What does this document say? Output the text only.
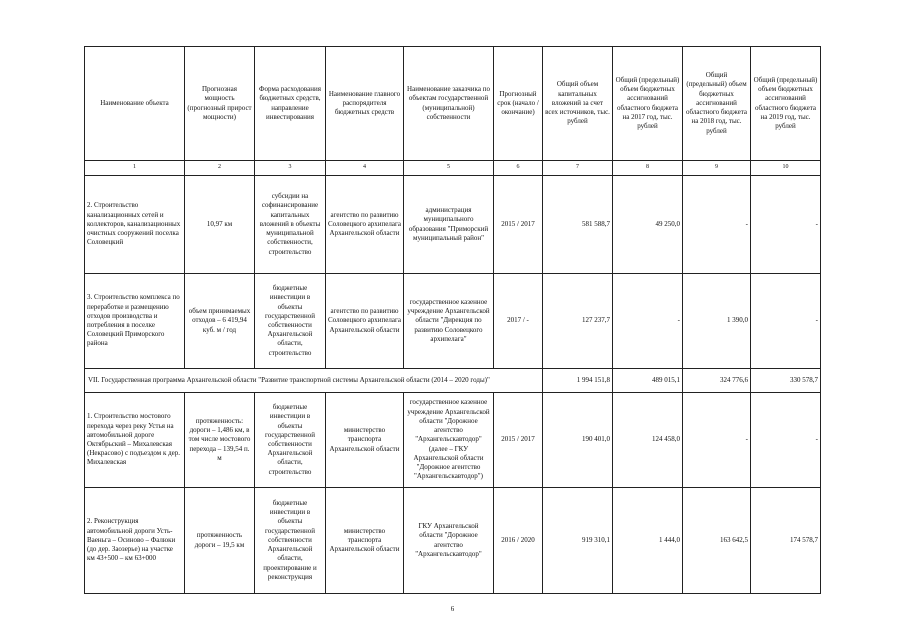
Наименование объекта	Прогнозная мощность (прогнозный прирост мощности)	Форма расходования бюджетных средств, направление инвестирования	Наименование главного распорядителя бюджетных средств	Наименование заказчика по объектам государственной (муниципальной) собственности	Прогнозный срок (начало / окончание)	Общий объем капитальных вложений за счет всех источников, тыс. рублей	Общий (предельный) объем бюджетных ассигнований областного бюджета на 2017 год, тыс. рублей	Общий (предельный) объем бюджетных ассигнований областного бюджета на 2018 год, тыс. рублей	Общий (предельный) объем бюджетных ассигнований областного бюджета на 2019 год, тыс. рублей
1	2	3	4	5	6	7	8	9	10
2. Строительство канализационных сетей и коллекторов, канализационных очистных сооружений поселка Соловецкий	10,97 км	субсидии на софинансирование капитальных вложений в объекты муниципальной собственности, строительство	агентство по развитию Соловецкого архипелага Архангельской области	администрация муниципального образования "Приморский муниципальный район"	2015 / 2017	581 588,7	49 250,0	-	-
3. Строительство комплекса по переработке и размещению отходов производства и потребления в поселке Соловецкий Приморского района	объем принимаемых отходов – 6 419,94 куб. м / год	бюджетные инвестиции в объекты государственной собственности Архангельской области, строительство	агентство по развитию Соловецкого архипелага Архангельской области	государственное казенное учреждение Архангельской области "Дирекция по развитию Соловецкого архипелага"	2017 / -	127 237,7	-	1 390,0	-
VII. Государственная программа Архангельской области "Развитие транспортной системы Архангельской области (2014 – 2020 годы)"						1 994 151,8	489 015,1	324 776,6	330 578,7
1. Строительство мостового перехода через реку Устья на автомобильной дороге Октябрьский – Михалевская (Некрасово) с подъездом к дер. Михалевская	протяженность: дороги – 1,486 км, в том числе мостового перехода – 139,54 п. м	бюджетные инвестиции в объекты государственной собственности Архангельской области, строительство	министерство транспорта Архангельской области	государственное казенное учреждение Архангельской области "Дорожное агентство "Архангельскавтодор" (далее – ГКУ Архангельской области "Дорожное агентство "Архангельскавтодор")	2015 / 2017	190 401,0	124 458,0	-	-
2. Реконструкция автомобильной дороги Усть-Ваеньга – Осиново – Фалюки (до дер. Заозерье) на участке км 43+500 – км 63+000	протяженность дороги – 19,5 км	бюджетные инвестиции в объекты государственной собственности Архангельской области, проектирование и реконструкция	министерство транспорта Архангельской области	ГКУ Архангельской области "Дорожное агентство "Архангельскавтодор"	2016 / 2020	919 310,1	1 444,0	163 642,5	174 578,7
6
